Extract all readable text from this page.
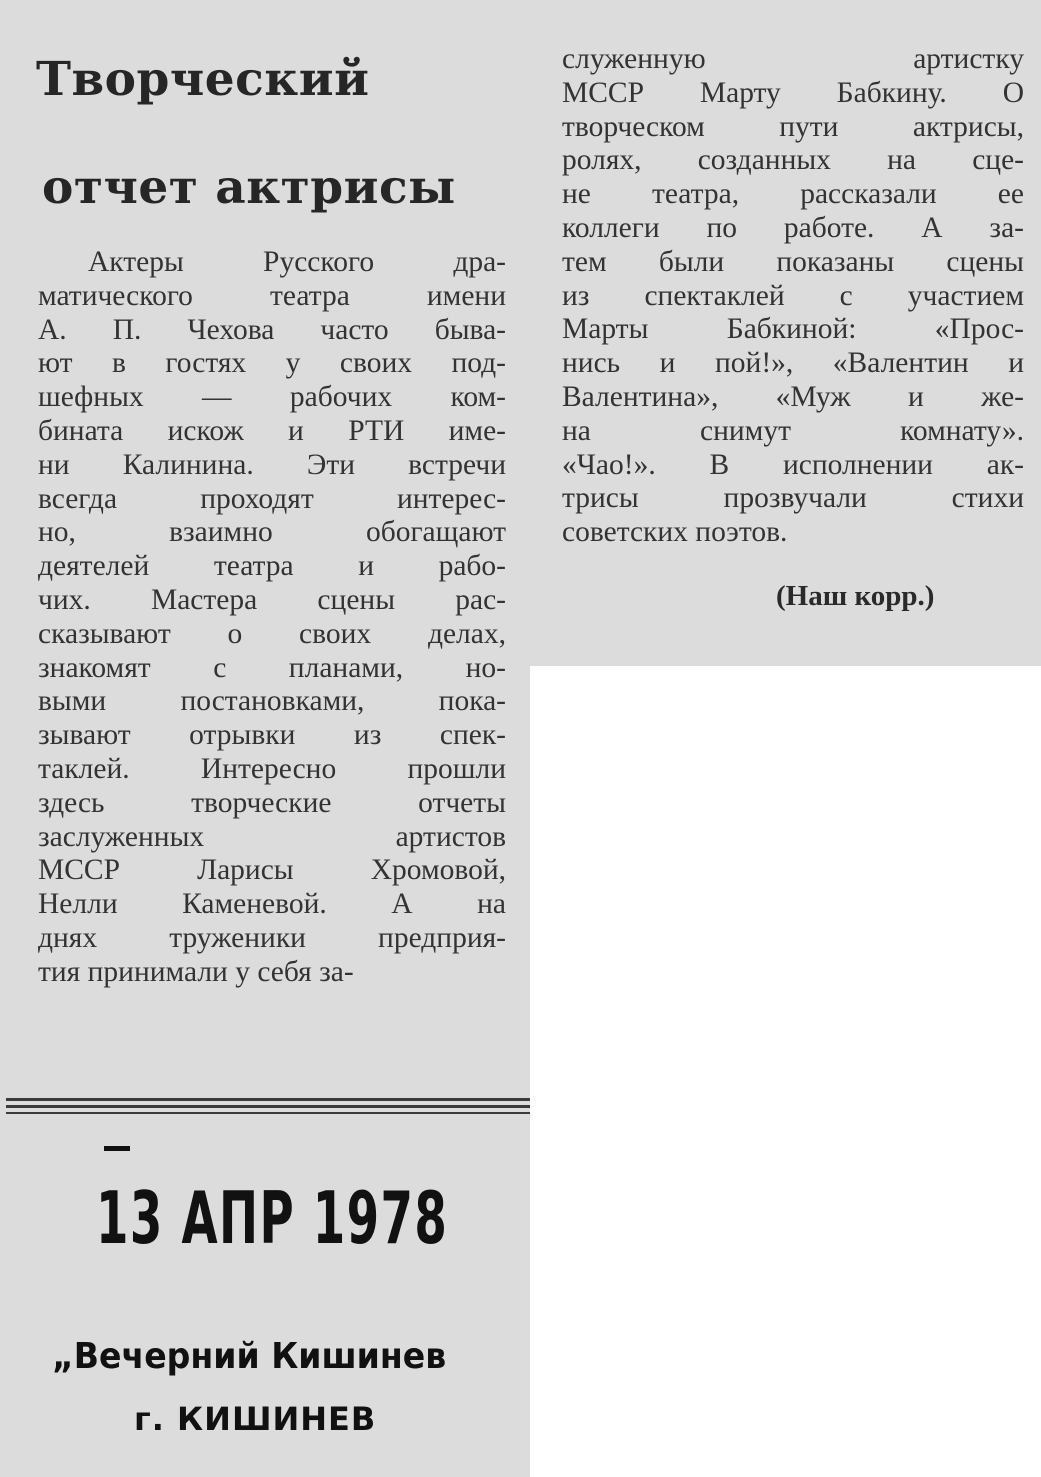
Творческий
отчет актрисы
Актеры Русского дра-
матического театра имени
А. П. Чехова часто быва-
ют в гостях у своих под-
шефных — рабочих ком-
бината искож и РТИ име-
ни Калинина. Эти встречи
всегда проходят интерес-
но, взаимно обогащают
деятелей театра и рабо-
чих. Мастера сцены рас-
сказывают о своих делах,
знакомят с планами, но-
выми постановками, пока-
зывают отрывки из спек-
таклей. Интересно прошли
здесь творческие отчеты
заслуженных артистов
МССР Ларисы Хромовой,
Нелли Каменевой. А на
днях труженики предприя-
тия принимали у себя за-
служенную артистку
МССР Марту Бабкину. О
творческом пути актрисы,
ролях, созданных на сце-
не театра, рассказали ее
коллеги по работе. А за-
тем были показаны сцены
из спектаклей с участием
Марты Бабкиной: «Прос-
нись и пой!», «Валентин и
Валентина», «Муж и же-
на снимут комнату».
«Чао!». В исполнении ак-
трисы прозвучали стихи
советских поэтов.

(Наш корр.)

13 АПР 1978

„Вечерний Кишинев

г. КИШИНЕВ
